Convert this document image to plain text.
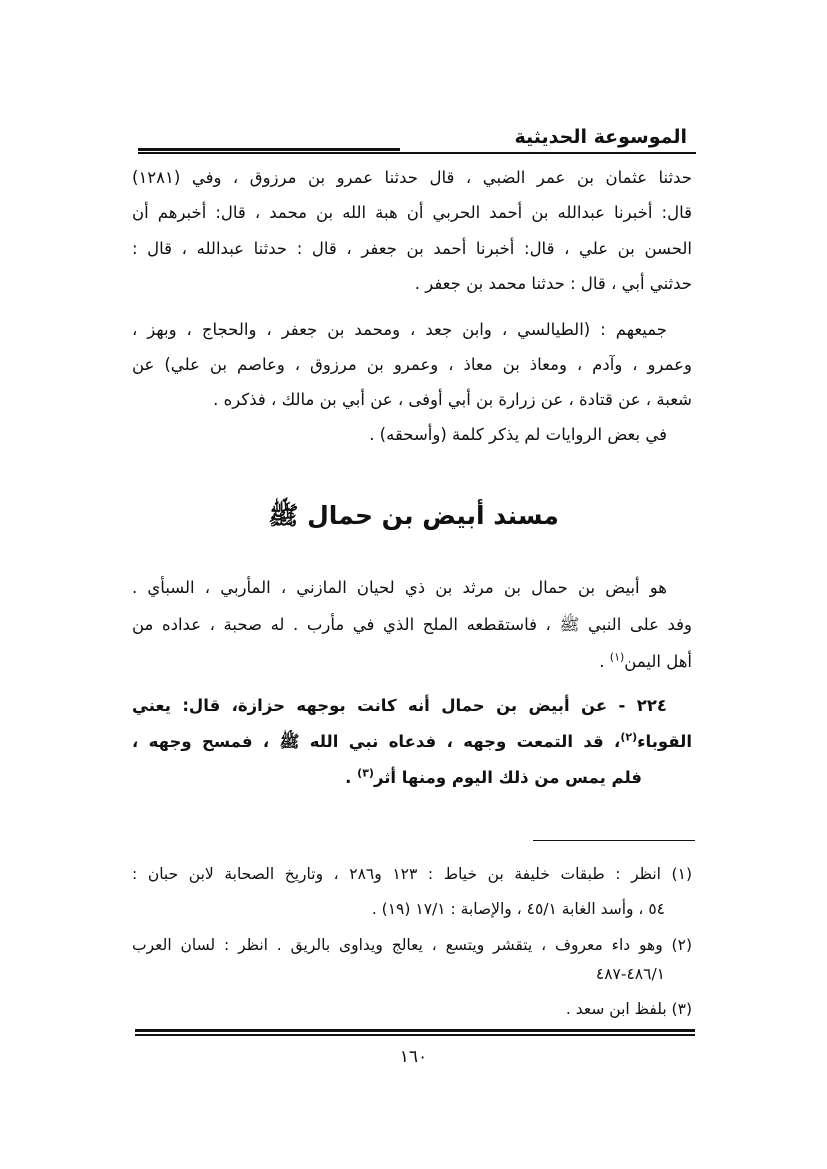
الموسوعة الحديثية
حدثنا عثمان بن عمر الضبي ، قال حدثنا عمرو بن مرزوق ، وفي (١٢٨١)
قال: أخبرنا عبدالله بن أحمد الحربي أن هبة الله بن محمد ، قال: أخبرهم أن
الحسن بن علي ، قال: أخبرنا أحمد بن جعفر ، قال : حدثنا عبدالله ، قال :
حدثني أبي ، قال : حدثنا محمد بن جعفر .
جميعهم : (الطيالسي ، وابن جعد ، ومحمد بن جعفر ، والحجاج ، وبهز ،
وعمرو ، وآدم ، ومعاذ بن معاذ ، وعمرو بن مرزوق ، وعاصم بن علي) عن
شعبة ، عن قتادة ، عن زرارة بن أبي أوفى ، عن أبي بن مالك ، فذكره .
في بعض الروايات لم يذكر كلمة (وأسحقه) .
مسند أبيض بن حمال ﷺ
هو أبيض بن حمال بن مرثد بن ذي لحيان المازني ، المأربي ، السبأي .
وفد على النبي ﷺ ، فاستقطعه الملح الذي في مأرب . له صحبة ، عداده من
أهل اليمن$^{(١)}$ .
٢٢٤ - عن أبيض بن حمال أنه كانت بوجهه حزازة، قال: يعني
القوباء$^{(٢)}$، قد التمعت وجهه ، فدعاه نبي الله ﷺ ، فمسح وجهه ،
فلم يمس من ذلك اليوم ومنها أثر$^{(٣)}$ .
(١) انظر : طبقات خليفة بن خياط : ١٢٣ و٢٨٦ ، وتاريخ الصحابة لابن حبان :
٥٤ ، وأسد الغابة ٤٥/١ ، والإصابة : ١٧/١ (١٩) .
(٢) وهو داء معروف ، يتقشر ويتسع ، يعالج ويداوى بالريق . انظر : لسان العرب
٤٨٦/١-٤٨٧
(٣) بلفظ ابن سعد .
١٦٠
